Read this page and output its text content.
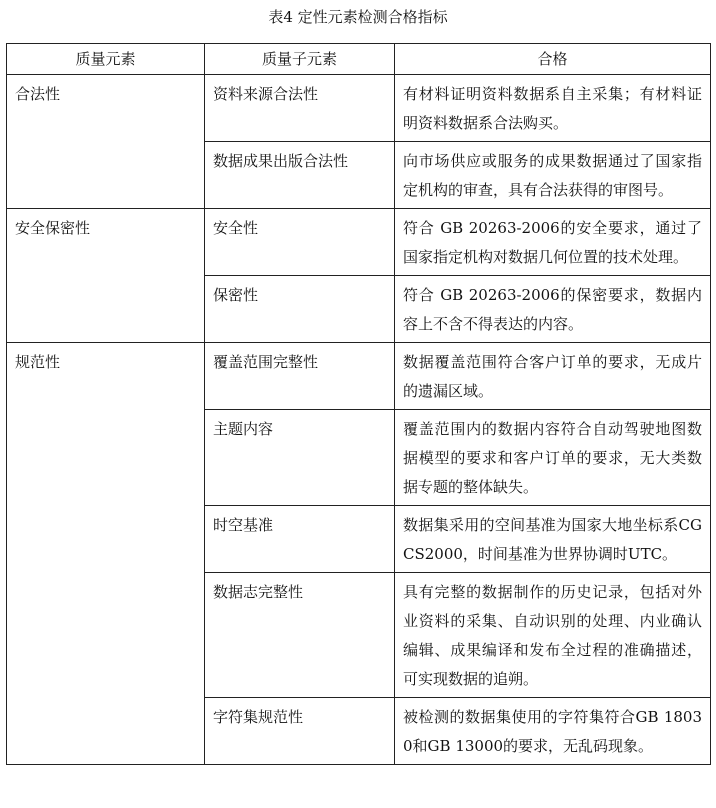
表4 定性元素检测合格指标
质量元素	质量子元素	合格
合法性	资料来源合法性	有材料证明资料数据系自主采集；有材料证明资料数据系合法购买。
	数据成果出版合法性	向市场供应或服务的成果数据通过了国家指定机构的审查，具有合法获得的审图号。
安全保密性	安全性	符合 GB 20263-2006的安全要求，通过了国家指定机构对数据几何位置的技术处理。
	保密性	符合 GB 20263-2006的保密要求，数据内容上不含不得表达的内容。
规范性	覆盖范围完整性	数据覆盖范围符合客户订单的要求，无成片的遗漏区域。
	主题内容	覆盖范围内的数据内容符合自动驾驶地图数据模型的要求和客户订单的要求，无大类数据专题的整体缺失。
	时空基准	数据集采用的空间基准为国家大地坐标系CGCS2000，时间基准为世界协调时UTC。
	数据志完整性	具有完整的数据制作的历史记录，包括对外业资料的采集、自动识别的处理、内业确认编辑、成果编译和发布全过程的准确描述，可实现数据的追朔。
	字符集规范性	被检测的数据集使用的字符集符合GB 18030和GB 13000的要求，无乱码现象。
